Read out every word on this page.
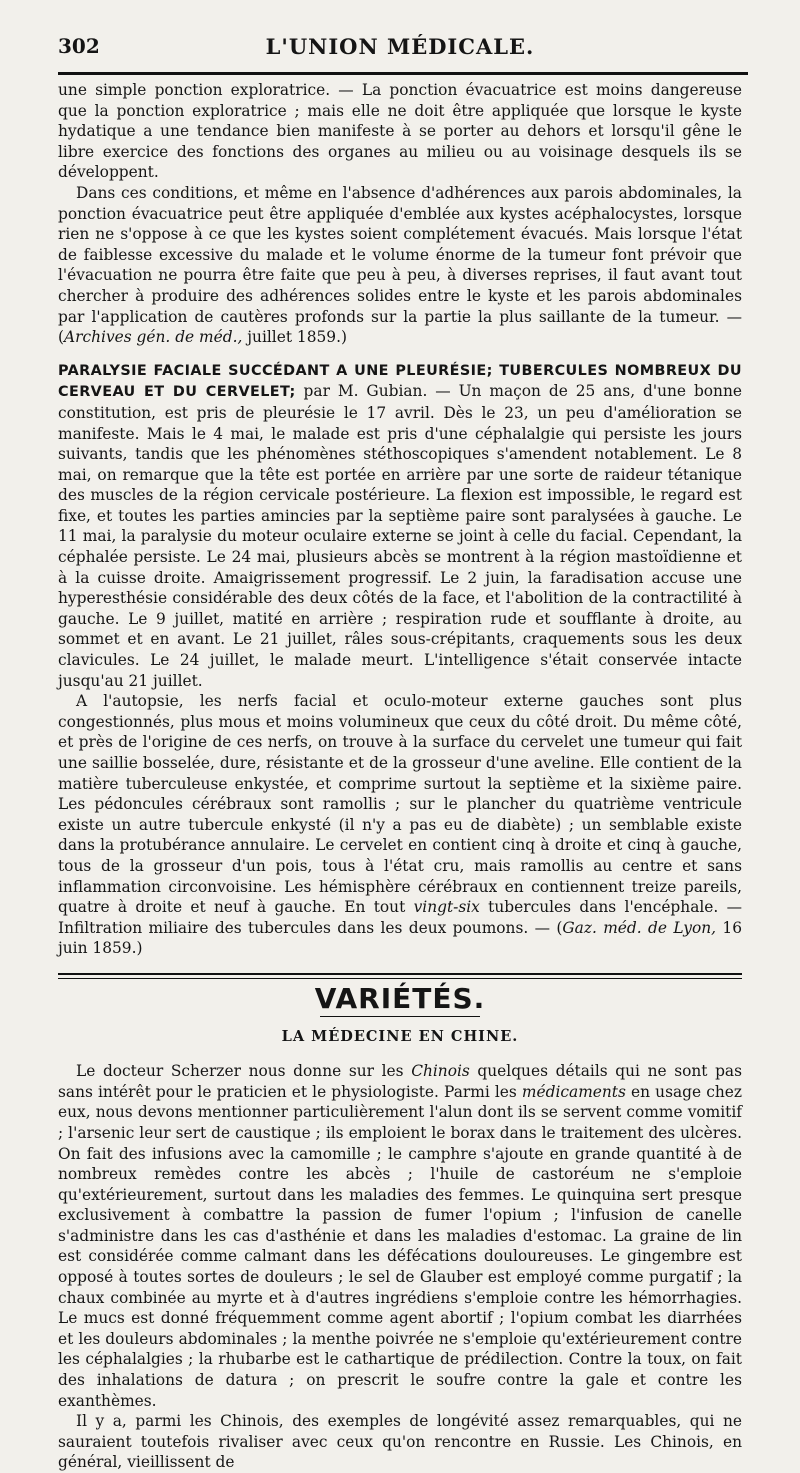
302	L'UNION MÉDICALE.

une simple ponction exploratrice. — La ponction évacuatrice est moins dangereuse que la ponction exploratrice ; mais elle ne doit être appliquée que lorsque le kyste hydatique a une tendance bien manifeste à se porter au dehors et lorsqu'il gêne le libre exercice des fonctions des organes au milieu ou au voisinage desquels ils se développent.

Dans ces conditions, et même en l'absence d'adhérences aux parois abdominales, la ponction évacuatrice peut être appliquée d'emblée aux kystes acéphalocystes, lorsque rien ne s'oppose à ce que les kystes soient complétement évacués. Mais lorsque l'état de faiblesse excessive du malade et le volume énorme de la tumeur font prévoir que l'évacuation ne pourra être faite que peu à peu, à diverses reprises, il faut avant tout chercher à produire des adhérences solides entre le kyste et les parois abdominales par l'application de cautères profonds sur la partie la plus saillante de la tumeur. — (Archives gén. de méd., juillet 1859.)

PARALYSIE FACIALE SUCCÉDANT A UNE PLEURÉSIE; TUBERCULES NOMBREUX DU CERVEAU ET DU CERVELET; par M. Gubian. — Un maçon de 25 ans, d'une bonne constitution, est pris de pleurésie le 17 avril. Dès le 23, un peu d'amélioration se manifeste. Mais le 4 mai, le malade est pris d'une céphalalgie qui persiste les jours suivants, tandis que les phénomènes stéthoscopiques s'amendent notablement. Le 8 mai, on remarque que la tête est portée en arrière par une sorte de raideur tétanique des muscles de la région cervicale postérieure. La flexion est impossible, le regard est fixe, et toutes les parties amincies par la septième paire sont paralysées à gauche. Le 11 mai, la paralysie du moteur oculaire externe se joint à celle du facial. Cependant, la céphalée persiste. Le 24 mai, plusieurs abcès se montrent à la région mastoïdienne et à la cuisse droite. Amaigrissement progressif. Le 2 juin, la faradisation accuse une hyperesthésie considérable des deux côtés de la face, et l'abolition de la contractilité à gauche. Le 9 juillet, matité en arrière ; respiration rude et soufflante à droite, au sommet et en avant. Le 21 juillet, râles sous-crépitants, craquements sous les deux clavicules. Le 24 juillet, le malade meurt. L'intelligence s'était conservée intacte jusqu'au 21 juillet.

A l'autopsie, les nerfs facial et oculo-moteur externe gauches sont plus congestionnés, plus mous et moins volumineux que ceux du côté droit. Du même côté, et près de l'origine de ces nerfs, on trouve à la surface du cervelet une tumeur qui fait une saillie bosselée, dure, résistante et de la grosseur d'une aveline. Elle contient de la matière tuberculeuse enkystée, et comprime surtout la septième et la sixième paire. Les pédoncules cérébraux sont ramollis ; sur le plancher du quatrième ventricule existe un autre tubercule enkysté (il n'y a pas eu de diabète) ; un semblable existe dans la protubérance annulaire. Le cervelet en contient cinq à droite et cinq à gauche, tous de la grosseur d'un pois, tous à l'état cru, mais ramollis au centre et sans inflammation circonvoisine. Les hémisphère cérébraux en contiennent treize pareils, quatre à droite et neuf à gauche. En tout vingt-six tubercules dans l'encéphale. — Infiltration miliaire des tubercules dans les deux poumons. — (Gaz. méd. de Lyon, 16 juin 1859.)

VARIÉTÉS.
LA MÉDECINE EN CHINE.

Le docteur Scherzer nous donne sur les Chinois quelques détails qui ne sont pas sans intérêt pour le praticien et le physiologiste. Parmi les médicaments en usage chez eux, nous devons mentionner particulièrement l'alun dont ils se servent comme vomitif ; l'arsenic leur sert de caustique ; ils emploient le borax dans le traitement des ulcères. On fait des infusions avec la camomille ; le camphre s'ajoute en grande quantité à de nombreux remèdes contre les abcès ; l'huile de castoréum ne s'emploie qu'extérieurement, surtout dans les maladies des femmes. Le quinquina sert presque exclusivement à combattre la passion de fumer l'opium ; l'infusion de canelle s'administre dans les cas d'asthénie et dans les maladies d'estomac. La graine de lin est considérée comme calmant dans les défécations douloureuses. Le gingembre est opposé à toutes sortes de douleurs ; le sel de Glauber est employé comme purgatif ; la chaux combinée au myrte et à d'autres ingrédiens s'emploie contre les hémorrhagies. Le mucs est donné fréquemment comme agent abortif ; l'opium combat les diarrhées et les douleurs abdominales ; la menthe poivrée ne s'emploie qu'extérieurement contre les céphalalgies ; la rhubarbe est le cathartique de prédilection. Contre la toux, on fait des inhalations de datura ; on prescrit le soufre contre la gale et contre les exanthèmes.

Il y a, parmi les Chinois, des exemples de longévité assez remarquables, qui ne sauraient toutefois rivaliser avec ceux qu'on rencontre en Russie. Les Chinois, en général, vieillissent de
